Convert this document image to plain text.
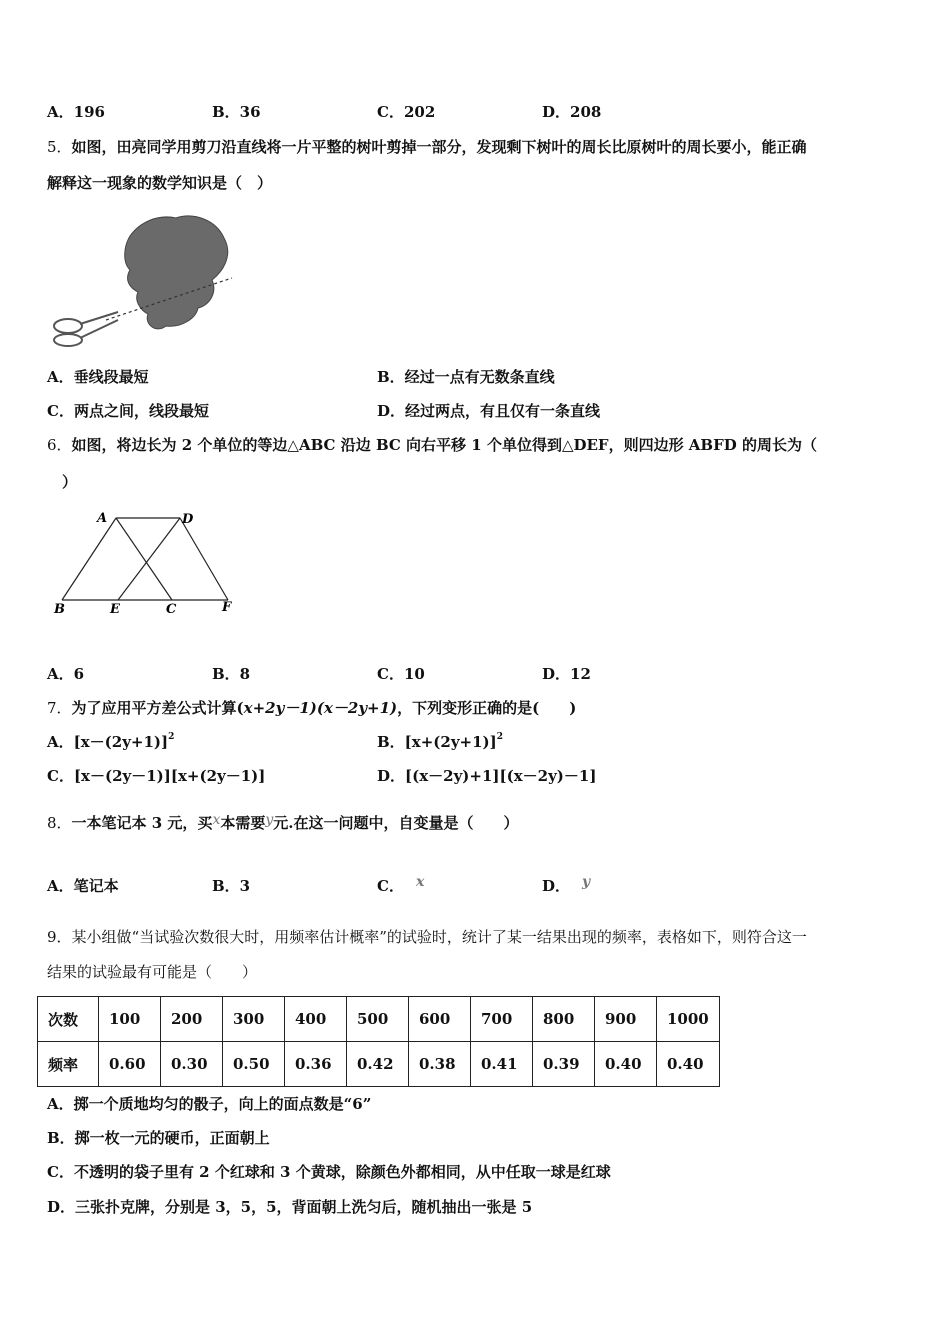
A．196	B．36	C．202	D．208
5．如图，田亮同学用剪刀沿直线将一片平整的树叶剪掉一部分，发现剩下树叶的周长比原树叶的周长要小，能正确
解释这一现象的数学知识是（　）
A．垂线段最短	B．经过一点有无数条直线
C．两点之间，线段最短	D．经过两点，有且仅有一条直线
6．如图，将边长为 2 个单位的等边△ABC 沿边 BC 向右平移 1 个单位得到△DEF，则四边形 ABFD 的周长为（
）
A	D
B	E	C	F
A．6	B．8	C．10	D．12
7．为了应用平方差公式计算(x+2y－1)(x－2y+1)，下列变形正确的是(　　)
A．$[x-(2y+1)]^2$	B．$[x+(2y+1)]^2$
C．[x－(2y－1)][x+(2y－1)]	D．[(x－2y)+1][(x－2y)－1]
8．一本笔记本 3 元，买x本需要y元.在这一问题中，自变量是（　　）
A．笔记本	B．3	C． x	D． y
9．某小组做“当试验次数很大时，用频率估计概率”的试验时，统计了某一结果出现的频率，表格如下，则符合这一
结果的试验最有可能是（　　）
次数	100	200	300	400	500	600	700	800	900	1000
频率	0.60	0.30	0.50	0.36	0.42	0.38	0.41	0.39	0.40	0.40
A．掷一个质地均匀的骰子，向上的面点数是“6”
B．掷一枚一元的硬币，正面朝上
C．不透明的袋子里有 2 个红球和 3 个黄球，除颜色外都相同，从中任取一球是红球
D．三张扑克牌，分别是 3，5，5，背面朝上洗匀后，随机抽出一张是 5
